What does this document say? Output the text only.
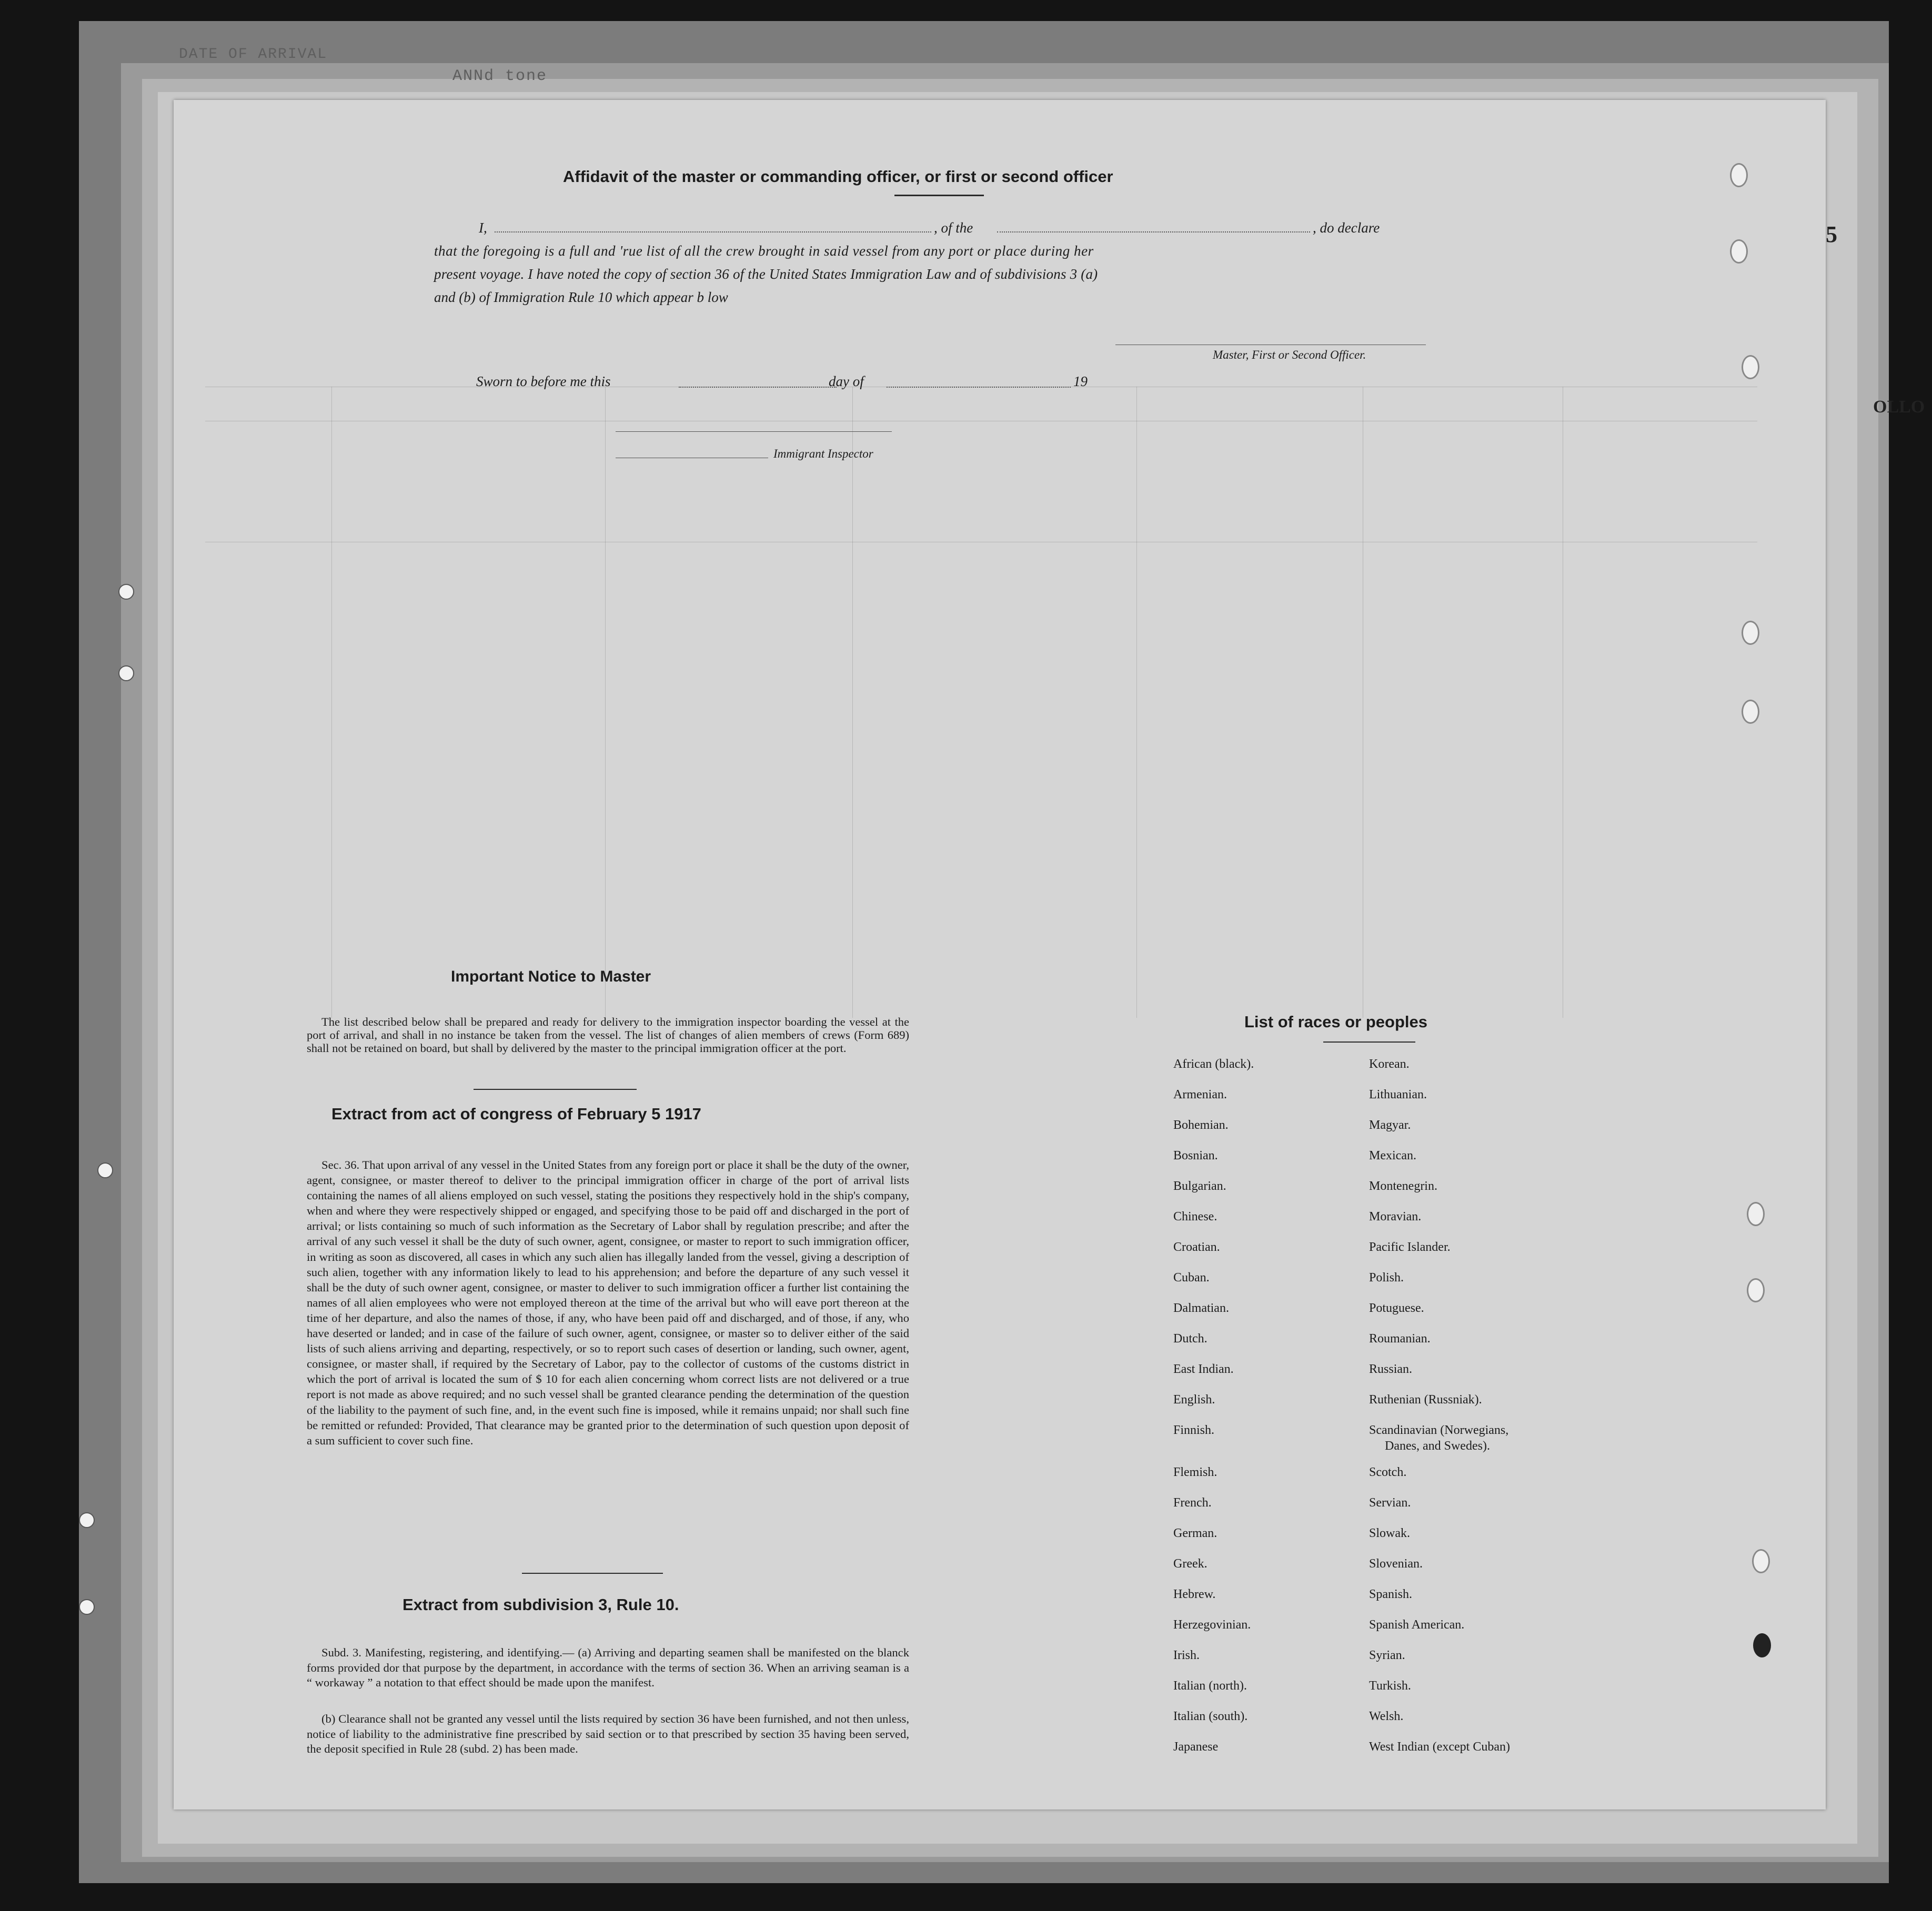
DATE OF ARRIVAL
ANNd tone
5
OLLO
Affidavit of the master or commanding officer, or first or second officer
I,	, of the	, do declare
that the foregoing is a full and 'rue list of all the crew brought in said vessel from any port or place during her
present voyage. I have noted the copy of section 36 of the United States Immigration Law and of subdivisions 3 (a)
and (b) of Immigration Rule 10 which appear b low
Master, First or Second Officer.
Sworn to before me this	day of	19
Immigrant Inspector
Important Notice to Master
The list described below shall be prepared and ready for delivery to the immigration inspector boarding the vessel at the port of arrival, and shall in no instance be taken from the vessel. The list of changes of alien members of crews (Form 689) shall not be retained on board, but shall by delivered by the master to the principal immigration officer at the port.
Extract from act of congress of February 5 1917
Sec. 36. That upon arrival of any vessel in the United States from any foreign port or place it shall be the duty of the owner, agent, consignee, or master thereof to deliver to the principal immigration officer in charge of the port of arrival lists containing the names of all aliens employed on such vessel, stating the positions they respectively hold in the ship's company, when and where they were respectively shipped or engaged, and specifying those to be paid off and discharged in the port of arrival; or lists containing so much of such information as the Secretary of Labor shall by regulation prescribe; and after the arrival of any such vessel it shall be the duty of such owner, agent, consignee, or master to report to such immigration officer, in writing as soon as discovered, all cases in which any such alien has illegally landed from the vessel, giving a description of such alien, together with any information likely to lead to his apprehension; and before the departure of any such vessel it shall be the duty of such owner agent, consignee, or master to deliver to such immigration officer a further list containing the names of all alien employees who were not employed thereon at the time of the arrival but who will eave port thereon at the time of her departure, and also the names of those, if any, who have been paid off and discharged, and of those, if any, who have deserted or landed; and in case of the failure of such owner, agent, consignee, or master so to deliver either of the said lists of such aliens arriving and departing, respectively, or so to report such cases of desertion or landing, such owner, agent, consignee, or master shall, if required by the Secretary of Labor, pay to the collector of customs of the customs district in which the port of arrival is located the sum of $ 10 for each alien concerning whom correct lists are not delivered or a true report is not made as above required; and no such vessel shall be granted clearance pending the determination of the question of the liability to the payment of such fine, and, in the event such fine is imposed, while it remains unpaid; nor shall such fine be remitted or refunded: Provided, That clearance may be granted prior to the determination of such question upon deposit of a sum sufficient to cover such fine.
Extract from subdivision 3, Rule 10.
Subd. 3. Manifesting, registering, and identifying.— (a) Arriving and departing seamen shall be manifested on the blanck forms provided dor that purpose by the department, in accordance with the terms of section 36. When an arriving seaman is a “ workaway ” a notation to that effect should be made upon the manifest.
(b) Clearance shall not be granted any vessel until the lists required by section 36 have been furnished, and not then unless, notice of liability to the administrative fine prescribed by said section or to that prescribed by section 35 having been served, the deposit specified in Rule 28 (subd. 2) has been made.
List of races or peoples
African (black).
Armenian.
Bohemian.
Bosnian.
Bulgarian.
Chinese.
Croatian.
Cuban.
Dalmatian.
Dutch.
East Indian.
English.
Finnish.
Flemish.
French.
German.
Greek.
Hebrew.
Herzegovinian.
Irish.
Italian (north).
Italian (south).
Japanese
Korean.
Lithuanian.
Magyar.
Mexican.
Montenegrin.
Moravian.
Pacific Islander.
Polish.
Potuguese.
Roumanian.
Russian.
Ruthenian (Russniak).
Scandinavian (Norwegians,
Danes, and Swedes).
Scotch.
Servian.
Slowak.
Slovenian.
Spanish.
Spanish American.
Syrian.
Turkish.
Welsh.
West Indian (except Cuban)
